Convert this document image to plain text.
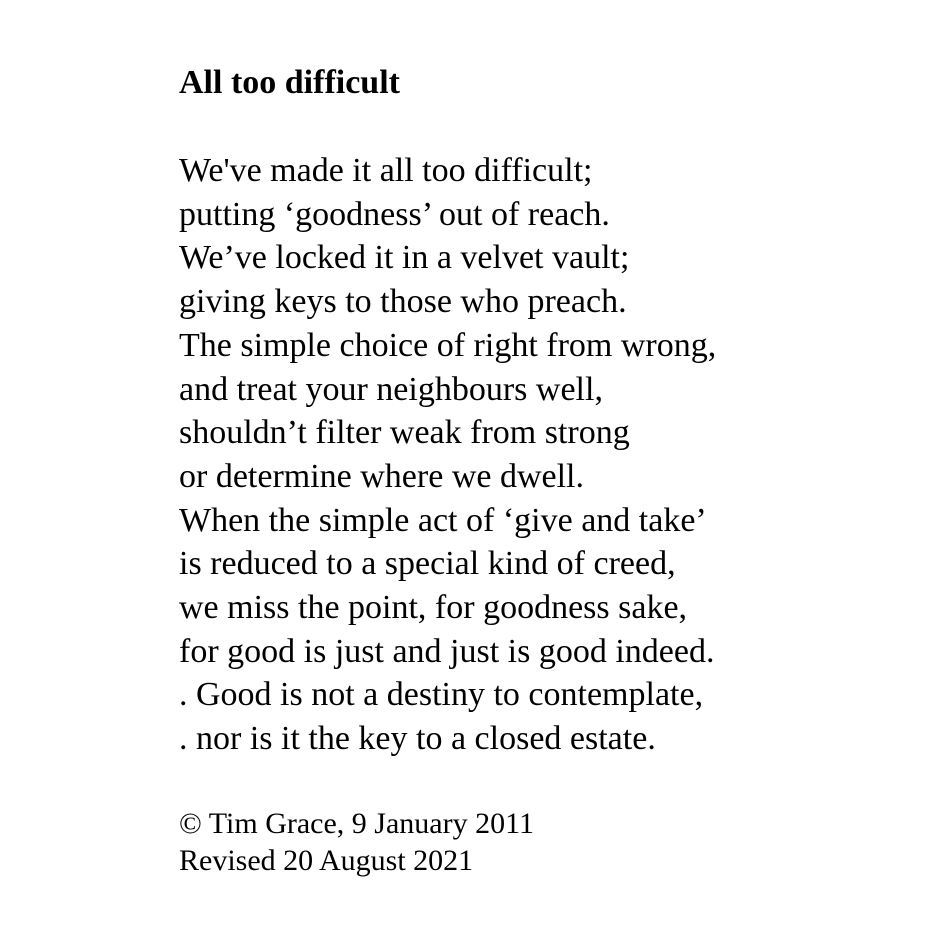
All too difficult
We've made it all too difficult;
putting ‘goodness’ out of reach.
We’ve locked it in a velvet vault;
giving keys to those who preach.
The simple choice of right from wrong,
and treat your neighbours well,
shouldn’t filter weak from strong
or determine where we dwell.
When the simple act of ‘give and take’
is reduced to a special kind of creed,
we miss the point, for goodness sake,
for good is just and just is good indeed.
. Good is not a destiny to contemplate,
. nor is it the key to a closed estate.
© Tim Grace, 9 January 2011
Revised 20 August 2021
